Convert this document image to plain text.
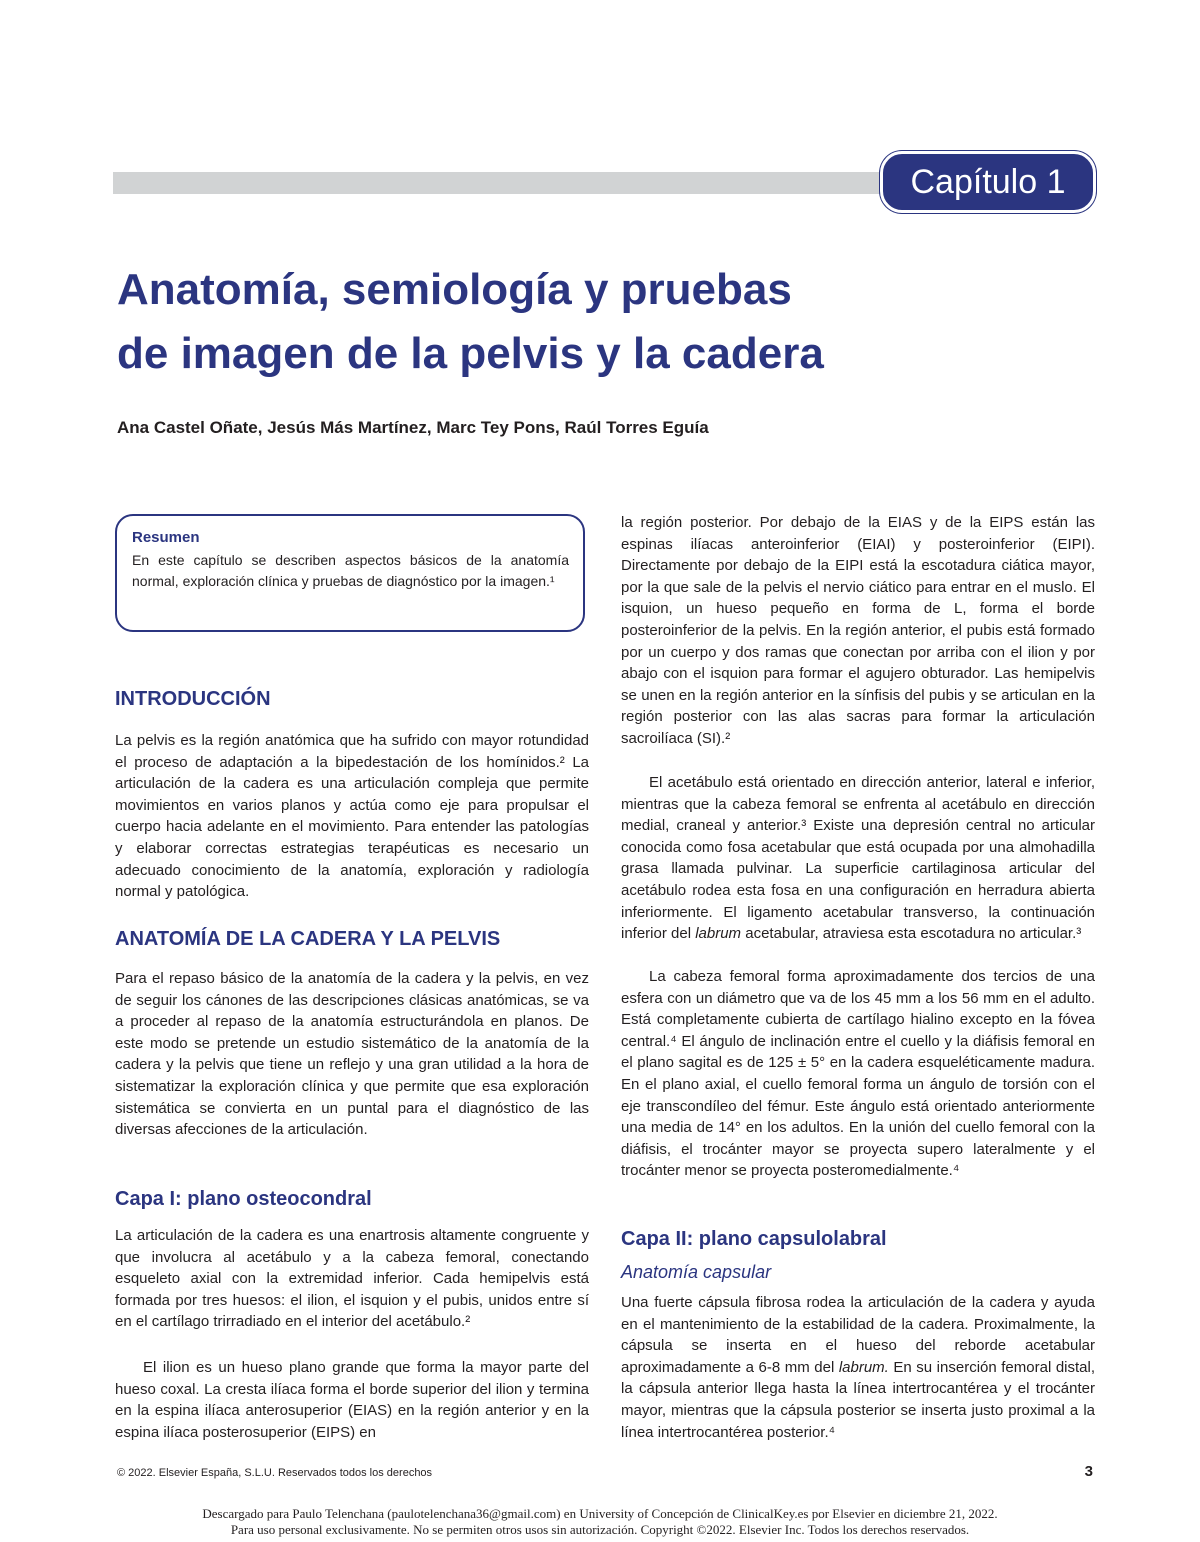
Capítulo 1
Anatomía, semiología y pruebas
de imagen de la pelvis y la cadera

Ana Castel Oñate, Jesús Más Martínez, Marc Tey Pons, Raúl Torres Eguía

Resumen

En este capítulo se describen aspectos básicos de la anatomía normal, exploración clínica y pruebas de diagnóstico por la imagen.¹

INTRODUCCIÓN

La pelvis es la región anatómica que ha sufrido con mayor rotundidad el proceso de adaptación a la bipedestación de los homínidos.² La articulación de la cadera es una articulación compleja que permite movimientos en varios planos y actúa como eje para propulsar el cuerpo hacia adelante en el movimiento. Para entender las patologías y elaborar correctas estrategias terapéuticas es necesario un adecuado conocimiento de la anatomía, exploración y radiología normal y patológica.

ANATOMÍA DE LA CADERA Y LA PELVIS

Para el repaso básico de la anatomía de la cadera y la pelvis, en vez de seguir los cánones de las descripciones clásicas anatómicas, se va a proceder al repaso de la anatomía estructurándola en planos. De este modo se pretende un estudio sistemático de la anatomía de la cadera y la pelvis que tiene un reflejo y una gran utilidad a la hora de sistematizar la exploración clínica y que permite que esa exploración sistemática se convierta en un puntal para el diagnóstico de las diversas afecciones de la articulación.

Capa I: plano osteocondral

La articulación de la cadera es una enartrosis altamente congruente y que involucra al acetábulo y a la cabeza femoral, conectando esqueleto axial con la extremidad inferior. Cada hemipelvis está formada por tres huesos: el ilion, el isquion y el pubis, unidos entre sí en el cartílago trirradiado en el interior del acetábulo.²

El ilion es un hueso plano grande que forma la mayor parte del hueso coxal. La cresta ilíaca forma el borde superior del ilion y termina en la espina ilíaca anterosuperior (EIAS) en la región anterior y en la espina ilíaca posterosuperior (EIPS) en

la región posterior. Por debajo de la EIAS y de la EIPS están las espinas ilíacas anteroinferior (EIAI) y posteroinferior (EIPI). Directamente por debajo de la EIPI está la escotadura ciática mayor, por la que sale de la pelvis el nervio ciático para entrar en el muslo. El isquion, un hueso pequeño en forma de L, forma el borde posteroinferior de la pelvis. En la región anterior, el pubis está formado por un cuerpo y dos ramas que conectan por arriba con el ilion y por abajo con el isquion para formar el agujero obturador. Las hemipelvis se unen en la región anterior en la sínfisis del pubis y se articulan en la región posterior con las alas sacras para formar la articulación sacroilíaca (SI).²

El acetábulo está orientado en dirección anterior, lateral e inferior, mientras que la cabeza femoral se enfrenta al acetábulo en dirección medial, craneal y anterior.³ Existe una depresión central no articular conocida como fosa acetabular que está ocupada por una almohadilla grasa llamada pulvinar. La superficie cartilaginosa articular del acetábulo rodea esta fosa en una configuración en herradura abierta inferiormente. El ligamento acetabular transverso, la continuación inferior del labrum acetabular, atraviesa esta escotadura no articular.³

La cabeza femoral forma aproximadamente dos tercios de una esfera con un diámetro que va de los 45 mm a los 56 mm en el adulto. Está completamente cubierta de cartílago hialino excepto en la fóvea central.⁴ El ángulo de inclinación entre el cuello y la diáfisis femoral en el plano sagital es de 125 ± 5° en la cadera esqueléticamente madura. En el plano axial, el cuello femoral forma un ángulo de torsión con el eje transcondíleo del fémur. Este ángulo está orientado anteriormente una media de 14° en los adultos. En la unión del cuello femoral con la diáfisis, el trocánter mayor se proyecta supero lateralmente y el trocánter menor se proyecta posteromedialmente.⁴

Capa II: plano capsulolabral
Anatomía capsular

Una fuerte cápsula fibrosa rodea la articulación de la cadera y ayuda en el mantenimiento de la estabilidad de la cadera. Proximalmente, la cápsula se inserta en el hueso del reborde acetabular aproximadamente a 6-8 mm del labrum. En su inserción femoral distal, la cápsula anterior llega hasta la línea intertrocantérea y el trocánter mayor, mientras que la cápsula posterior se inserta justo proximal a la línea intertrocantérea posterior.⁴

© 2022. Elsevier España, S.L.U. Reservados todos los derechos	3

Descargado para Paulo Telenchana (paulotelenchana36@gmail.com) en University of Concepción de ClinicalKey.es por Elsevier en diciembre 21, 2022.

Para uso personal exclusivamente. No se permiten otros usos sin autorización. Copyright ©2022. Elsevier Inc. Todos los derechos reservados.
